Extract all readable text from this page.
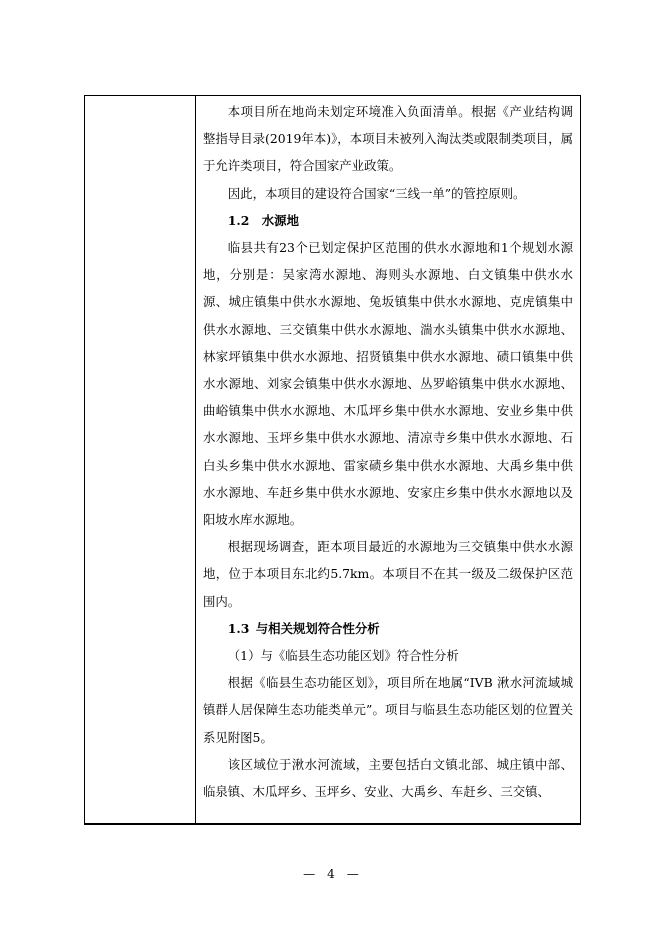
本项目所在地尚未划定环境准入负面清单。根据《产业结构调整指导目录(2019年本)》，本项目未被列入淘汰类或限制类项目，属于允许类项目，符合国家产业政策。

因此，本项目的建设符合国家“三线一单”的管控原则。

1.2 水源地

临县共有23个已划定保护区范围的供水水源地和1个规划水源地，分别是：吴家湾水源地、海则头水源地、白文镇集中供水水源、城庄镇集中供水水源地、兔坂镇集中供水水源地、克虎镇集中供水水源地、三交镇集中供水水源地、湍水头镇集中供水水源地、林家坪镇集中供水水源地、招贤镇集中供水水源地、碛口镇集中供水水源地、刘家会镇集中供水水源地、丛罗峪镇集中供水水源地、曲峪镇集中供水水源地、木瓜坪乡集中供水水源地、安业乡集中供水水源地、玉坪乡集中供水水源地、清凉寺乡集中供水水源地、石白头乡集中供水水源地、雷家碛乡集中供水水源地、大禹乡集中供水水源地、车赶乡集中供水水源地、安家庄乡集中供水水源地以及阳坡水库水源地。

根据现场调查，距本项目最近的水源地为三交镇集中供水水源地，位于本项目东北约5.7km。本项目不在其一级及二级保护区范围内。

1.3 与相关规划符合性分析

（1）与《临县生态功能区划》符合性分析

根据《临县生态功能区划》，项目所在地属“IVB 湫水河流域城镇群人居保障生态功能类单元”。项目与临县生态功能区划的位置关系见附图5。

该区域位于湫水河流域，主要包括白文镇北部、城庄镇中部、临泉镇、木瓜坪乡、玉坪乡、安业、大禹乡、车赶乡、三交镇、

—　4　—
